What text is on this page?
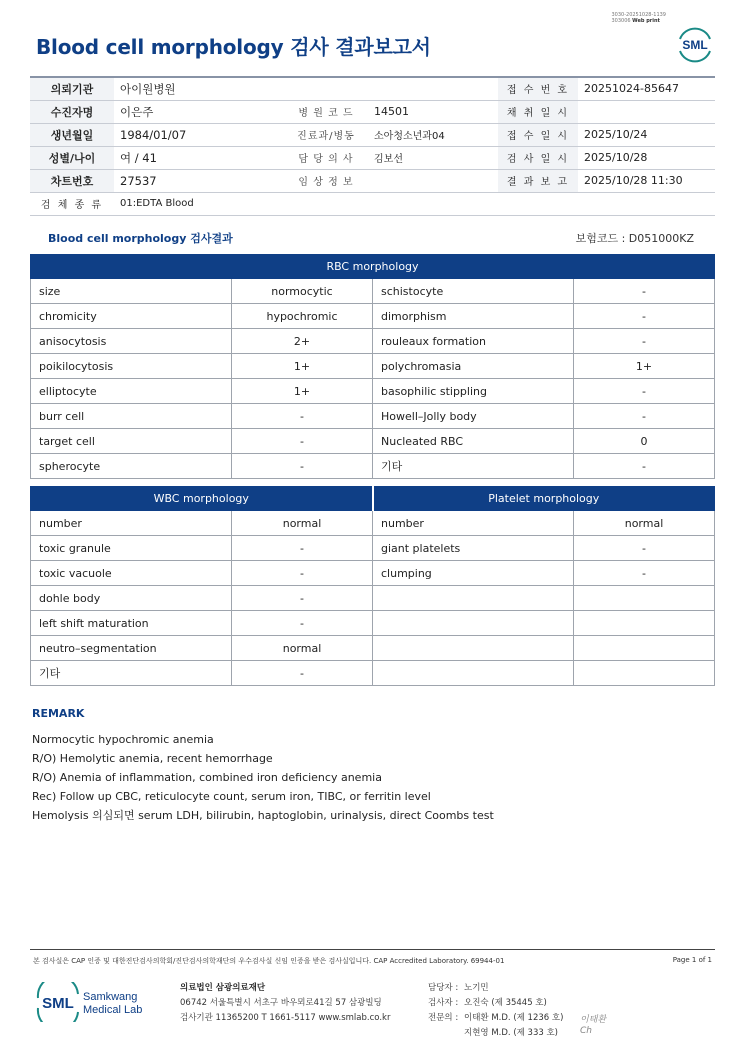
3030-20251028-1139
303006 Web print
Blood cell morphology 검사 결과보고서	SML
의뢰기관	아이원병원			접 수 번 호	20251024-85647
수진자명	이은주	병 원 코 드	14501	채 취 일 시	
생년월일	1984/01/07	진료과/병동	소아청소년과04	접 수 일 시	2025/10/24
성별/나이	여 / 41	담 당 의 사	김보선	검 사 일 시	2025/10/28
차트번호	27537	임 상 정 보		결 과 보 고	2025/10/28 11:30
검 체 종 류	01:EDTA Blood				
Blood cell morphology 검사결과	보험코드 : D051000KZ
RBC morphology			
size	normocytic	schistocyte	-
chromicity	hypochromic	dimorphism	-
anisocytosis	2+	rouleaux formation	-
poikilocytosis	1+	polychromasia	1+
elliptocyte	1+	basophilic stippling	-
burr cell	-	Howell–Jolly body	-
target cell	-	Nucleated RBC	0
spherocyte	-	기타	-
WBC morphology		Platelet morphology	
number	normal	number	normal
toxic granule	-	giant platelets	-
toxic vacuole	-	clumping	-
dohle body	-		
left shift maturation	-		
neutro–segmentation	normal		
기타	-		
REMARK
Normocytic hypochromic anemia
R/O) Hemolytic anemia, recent hemorrhage
R/O) Anemia of inflammation, combined iron deficiency anemia
Rec) Follow up CBC, reticulocyte count, serum iron, TIBC, or ferritin level
Hemolysis 의심되면 serum LDH, bilirubin, haptoglobin, urinalysis, direct Coombs test
본 검사실은 CAP 인증 및 대한진단검사의학회/진단검사의학재단의 우수검사실 신임 인증을 받은 검사실입니다. CAP Accredited Laboratory. 69944-01	Page 1 of 1
SML Samkwang
Medical Lab
의료법인 삼광의료재단
06742 서울특별시 서초구 바우뫼로41길 57 삼광빌딩
검사기관 11365200 T 1661-5117 www.smlab.co.kr
담당자 : 노기민
검사자 : 오진숙 (제 35445 호)
전문의 : 이태환 M.D. (제 1236 호)
지현영 M.D. (제 333 호)
이태환
Ch
